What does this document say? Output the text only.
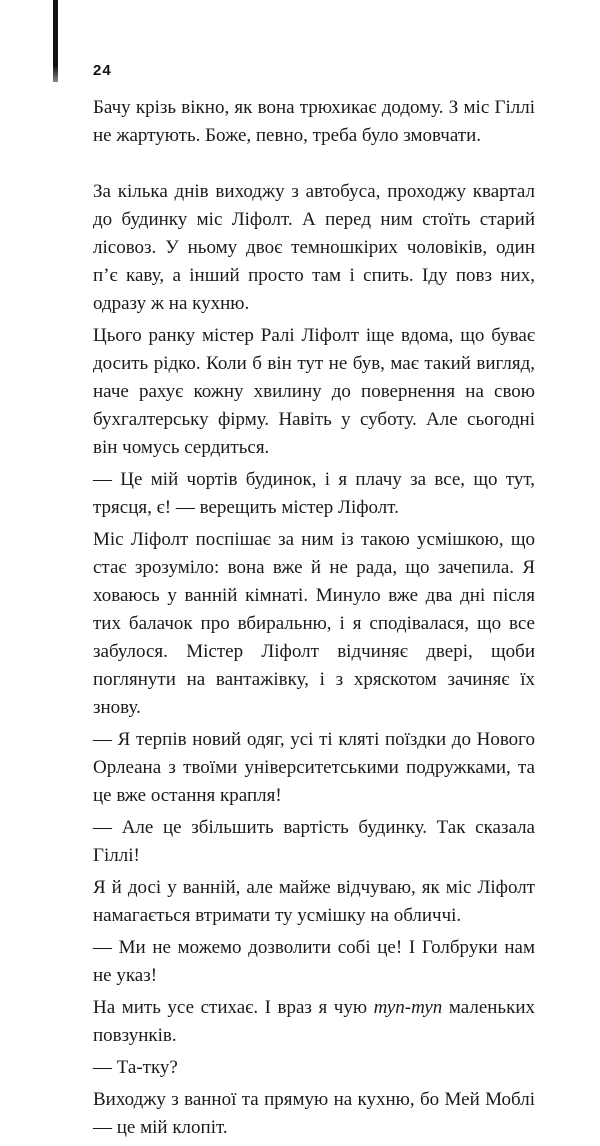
24

Бачу крізь вікно, як вона трюхикає додому. З міс Гіллі не жартують. Боже, певно, треба було змовчати.

За кілька днів виходжу з автобуса, проходжу квартал до будинку міс Ліфолт. А перед ним стоїть старий лісовоз. У ньому двоє темношкірих чоловіків, один п’є каву, а інший просто там і спить. Іду повз них, одразу ж на кухню.

Цього ранку містер Ралі Ліфолт іще вдома, що буває досить рідко. Коли б він тут не був, має такий вигляд, наче рахує кожну хвилину до повернення на свою бухгалтерську фірму. Навіть у суботу. Але сьогодні він чомусь сердиться.

— Це мій чортів будинок, і я плачу за все, що тут, трясця, є! — верещить містер Ліфолт.

Міс Ліфолт поспішає за ним із такою усмішкою, що стає зрозуміло: вона вже й не рада, що зачепила. Я ховаюсь у ванній кімнаті. Минуло вже два дні після тих балачок про вбиральню, і я сподівалася, що все забулося. Містер Ліфолт відчиняє двері, щоби поглянути на вантажівку, і з хряскотом зачиняє їх знову.

— Я терпів новий одяг, усі ті кляті поїздки до Нового Орлеана з твоїми університетськими подружками, та це вже остання крапля!

— Але це збільшить вартість будинку. Так сказала Гіллі!

Я й досі у ванній, але майже відчуваю, як міс Ліфолт намагається втримати ту усмішку на обличчі.

— Ми не можемо дозволити собі це! І Голбруки нам не указ!

На мить усе стихає. І враз я чую туп-туп маленьких повзунків.

— Та-тку?

Виходжу з ванної та прямую на кухню, бо Мей Моблі — це мій клопіт.
